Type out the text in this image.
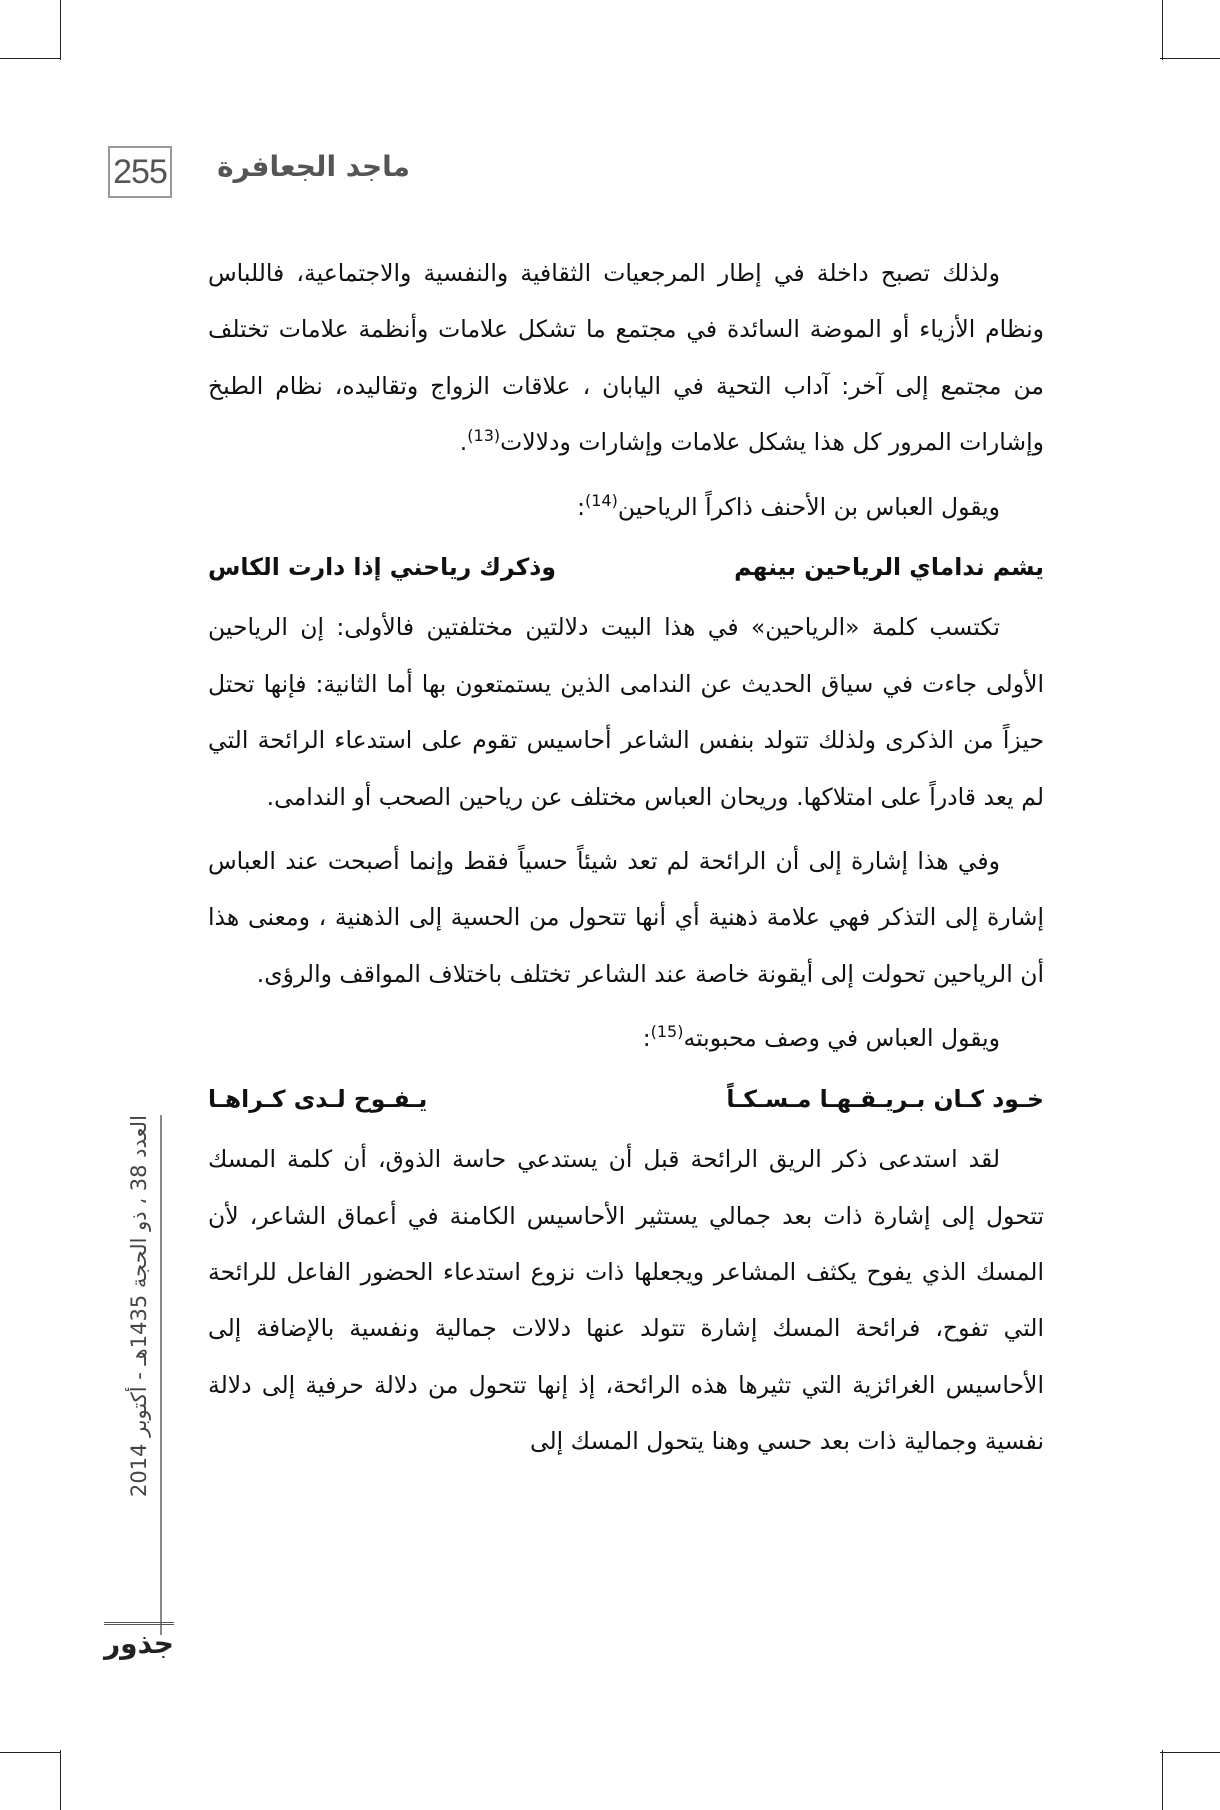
255 ماجد الجعافرة

ولذلك تصبح داخلة في إطار المرجعيات الثقافية والنفسية والاجتماعية، فاللباس ونظام الأزياء أو الموضة السائدة في مجتمع ما تشكل علامات وأنظمة علامات تختلف من مجتمع إلى آخر: آداب التحية في اليابان ، علاقات الزواج وتقاليده، نظام الطبخ وإشارات المرور كل هذا يشكل علامات وإشارات ودلالات$^{(13)}$.

ويقول العباس بن الأحنف ذاكراً الرياحين$^{(14)}$:

يشم نداماي الرياحين بينهم
وذكرك رياحني إذا دارت الكاس

تكتسب كلمة «الرياحين» في هذا البيت دلالتين مختلفتين فالأولى: إن الرياحين الأولى جاءت في سياق الحديث عن الندامى الذين يستمتعون بها أما الثانية: فإنها تحتل حيزاً من الذكرى ولذلك تتولد بنفس الشاعر أحاسيس تقوم على استدعاء الرائحة التي لم يعد قادراً على امتلاكها. وريحان العباس مختلف عن رياحين الصحب أو الندامى.

وفي هذا إشارة إلى أن الرائحة لم تعد شيئاً حسياً فقط وإنما أصبحت عند العباس إشارة إلى التذكر فهي علامة ذهنية أي أنها تتحول من الحسية إلى الذهنية ، ومعنى هذا أن الرياحين تحولت إلى أيقونة خاصة عند الشاعر تختلف باختلاف المواقف والرؤى.

ويقول العباس في وصف محبوبته$^{(15)}$:

خـود كـان بـريـقـهـا مـسـكـاً
يـفـوح لـدى كـراهـا

لقد استدعى ذكر الريق الرائحة قبل أن يستدعي حاسة الذوق، أن كلمة المسك تتحول إلى إشارة ذات بعد جمالي يستثير الأحاسيس الكامنة في أعماق الشاعر، لأن المسك الذي يفوح يكثف المشاعر ويجعلها ذات نزوع استدعاء الحضور الفاعل للرائحة التي تفوح، فرائحة المسك إشارة تتولد عنها دلالات جمالية ونفسية بالإضافة إلى الأحاسيس الغرائزية التي تثيرها هذه الرائحة، إذ إنها تتحول من دلالة حرفية إلى دلالة نفسية وجمالية ذات بعد حسي وهنا يتحول المسك إلى

العدد 38 ، ذو الحجة 1435هـ - أكتوبر 2014
جذور
